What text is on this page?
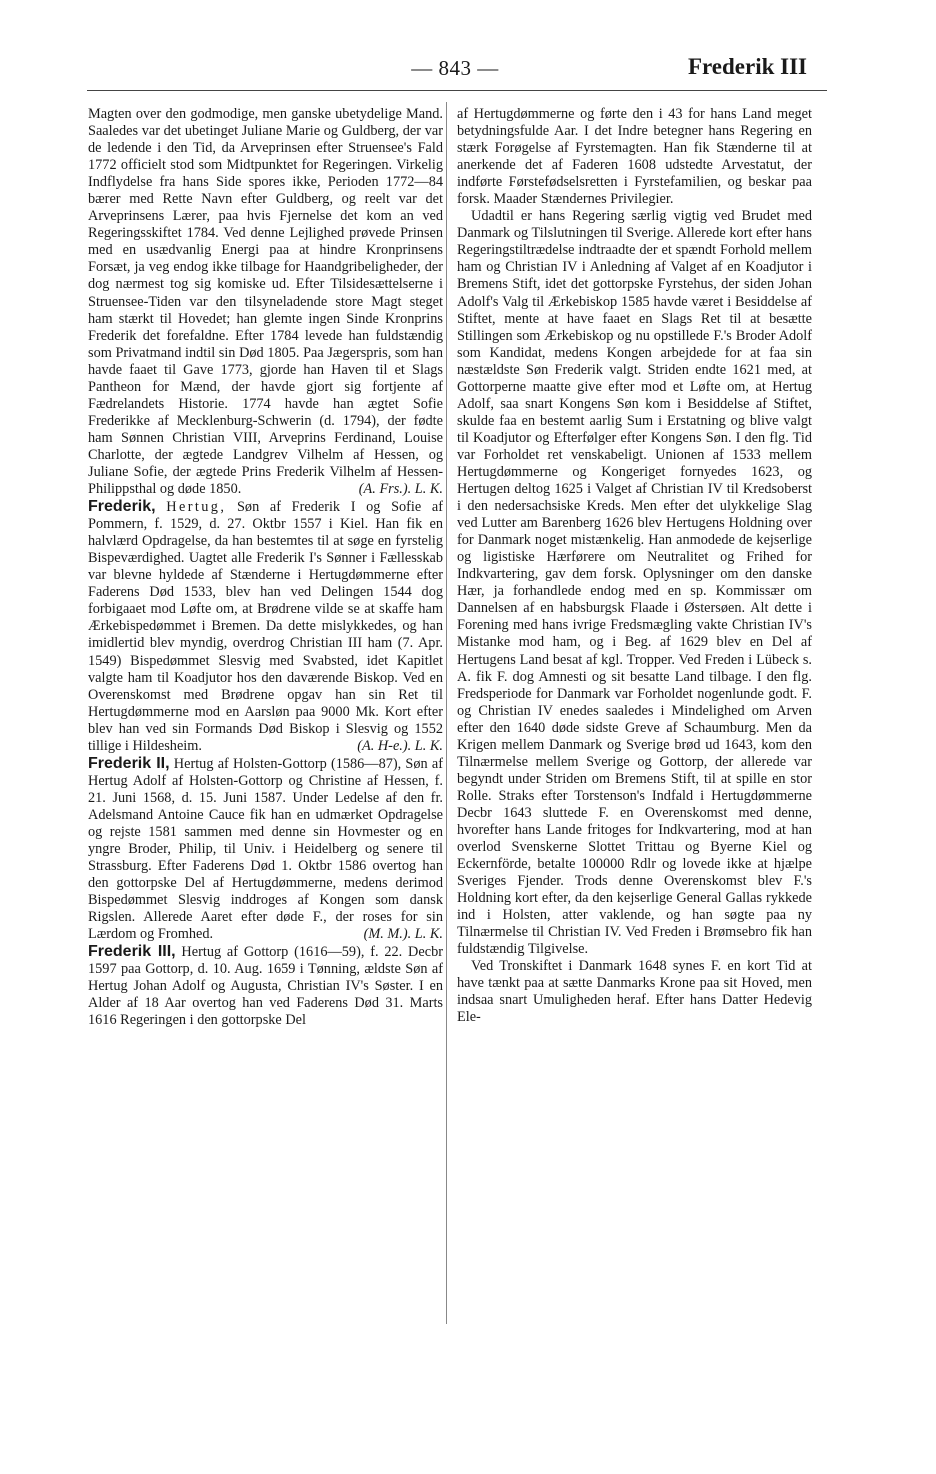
— 843 —	Frederik III

Magten over den godmodige, men ganske ubetydelige Mand. Saaledes var det ubetinget Juliane Marie og Guldberg, der var de ledende i den Tid, da Arveprinsen efter Struensee's Fald 1772 officielt stod som Midtpunktet for Regeringen. Virkelig Indflydelse fra hans Side spores ikke, Perioden 1772—84 bærer med Rette Navn efter Guldberg, og reelt var det Arveprinsens Lærer, paa hvis Fjernelse det kom an ved Regeringsskiftet 1784. Ved denne Lejlighed prøvede Prinsen med en usædvanlig Energi paa at hindre Kronprinsens Forsæt, ja veg endog ikke tilbage for Haandgribeligheder, der dog nærmest tog sig komiske ud. Efter Tilsidesættelserne i Struensee-Tiden var den tilsyneladende store Magt steget ham stærkt til Hovedet; han glemte ingen Sinde Kronprins Frederik det forefaldne. Efter 1784 levede han fuldstændig som Privatmand indtil sin Død 1805. Paa Jægerspris, som han havde faaet til Gave 1773, gjorde han Haven til et Slags Pantheon for Mænd, der havde gjort sig fortjente af Fædrelandets Historie. 1774 havde han ægtet Sofie Frederikke af Mecklenburg-Schwerin (d. 1794), der fødte ham Sønnen Christian VIII, Arveprins Ferdinand, Louise Charlotte, der ægtede Landgrev Vilhelm af Hessen, og Juliane Sofie, der ægtede Prins Frederik Vilhelm af Hessen-Philippsthal og døde 1850.	(A. Frs.). L. K.

Frederik, Hertug, Søn af Frederik I og Sofie af Pommern, f. 1529, d. 27. Oktbr 1557 i Kiel. Han fik en halvlærd Opdragelse, da han bestemtes til at søge en fyrstelig Bispeværdighed. Uagtet alle Frederik I's Sønner i Fællesskab var blevne hyldede af Stænderne i Hertugdømmerne efter Faderens Død 1533, blev han ved Delingen 1544 dog forbigaaet mod Løfte om, at Brødrene vilde se at skaffe ham Ærkebispedømmet i Bremen. Da dette mislykkedes, og han imidlertid blev myndig, overdrog Christian III ham (7. Apr. 1549) Bispedømmet Slesvig med Svabsted, idet Kapitlet valgte ham til Koadjutor hos den daværende Biskop. Ved en Overenskomst med Brødrene opgav han sin Ret til Hertugdømmerne mod en Aarsløn paa 9000 Mk. Kort efter blev han ved sin Formands Død Biskop i Slesvig og 1552 tillige i Hildesheim.	(A. H-e.). L. K.

Frederik II, Hertug af Holsten-Gottorp (1586—87), Søn af Hertug Adolf af Holsten-Gottorp og Christine af Hessen, f. 21. Juni 1568, d. 15. Juni 1587. Under Ledelse af den fr. Adelsmand Antoine Cauce fik han en udmærket Opdragelse og rejste 1581 sammen med denne sin Hovmester og en yngre Broder, Philip, til Univ. i Heidelberg og senere til Strassburg. Efter Faderens Død 1. Oktbr 1586 overtog han den gottorpske Del af Hertugdømmerne, medens derimod Bispedømmet Slesvig inddroges af Kongen som dansk Rigslen. Allerede Aaret efter døde F., der roses for sin Lærdom og Fromhed.	(M. M.). L. K.

Frederik III, Hertug af Gottorp (1616—59), f. 22. Decbr 1597 paa Gottorp, d. 10. Aug. 1659 i Tønning, ældste Søn af Hertug Johan Adolf og Augusta, Christian IV's Søster. I en Alder af 18 Aar overtog han ved Faderens Død 31. Marts 1616 Regeringen i den gottorpske Del

af Hertugdømmerne og førte den i 43 for hans Land meget betydningsfulde Aar. I det Indre betegner hans Regering en stærk Forøgelse af Fyrstemagten. Han fik Stænderne til at anerkende det af Faderen 1608 udstedte Arvestatut, der indførte Førstefødselsretten i Fyrstefamilien, og beskar paa forsk. Maader Stændernes Privilegier.

Udadtil er hans Regering særlig vigtig ved Brudet med Danmark og Tilslutningen til Sverige. Allerede kort efter hans Regeringstiltrædelse indtraadte der et spændt Forhold mellem ham og Christian IV i Anledning af Valget af en Koadjutor i Bremens Stift, idet det gottorpske Fyrstehus, der siden Johan Adolf's Valg til Ærkebiskop 1585 havde været i Besiddelse af Stiftet, mente at have faaet en Slags Ret til at besætte Stillingen som Ærkebiskop og nu opstillede F.'s Broder Adolf som Kandidat, medens Kongen arbejdede for at faa sin næstældste Søn Frederik valgt. Striden endte 1621 med, at Gottorperne maatte give efter mod et Løfte om, at Hertug Adolf, saa snart Kongens Søn kom i Besiddelse af Stiftet, skulde faa en bestemt aarlig Sum i Erstatning og blive valgt til Koadjutor og Efterfølger efter Kongens Søn. I den flg. Tid var Forholdet ret venskabeligt. Unionen af 1533 mellem Hertugdømmerne og Kongeriget fornyedes 1623, og Hertugen deltog 1625 i Valget af Christian IV til Kredsoberst i den nedersachsiske Kreds. Men efter det ulykkelige Slag ved Lutter am Barenberg 1626 blev Hertugens Holdning over for Danmark noget mistænkelig. Han anmodede de kejserlige og ligistiske Hærførere om Neutralitet og Frihed for Indkvartering, gav dem forsk. Oplysninger om den danske Hær, ja forhandlede endog med en sp. Kommissær om Dannelsen af en habsburgsk Flaade i Østersøen. Alt dette i Forening med hans ivrige Fredsmægling vakte Christian IV's Mistanke mod ham, og i Beg. af 1629 blev en Del af Hertugens Land besat af kgl. Tropper. Ved Freden i Lübeck s. A. fik F. dog Amnesti og sit besatte Land tilbage. I den flg. Fredsperiode for Danmark var Forholdet nogenlunde godt. F. og Christian IV enedes saaledes i Mindelighed om Arven efter den 1640 døde sidste Greve af Schaumburg. Men da Krigen mellem Danmark og Sverige brød ud 1643, kom den Tilnærmelse mellem Sverige og Gottorp, der allerede var begyndt under Striden om Bremens Stift, til at spille en stor Rolle. Straks efter Torstenson's Indfald i Hertugdømmerne Decbr 1643 sluttede F. en Overenskomst med denne, hvorefter hans Lande fritoges for Indkvartering, mod at han overlod Svenskerne Slottet Trittau og Byerne Kiel og Eckernförde, betalte 100000 Rdlr og lovede ikke at hjælpe Sveriges Fjender. Trods denne Overenskomst blev F.'s Holdning kort efter, da den kejserlige General Gallas rykkede ind i Holsten, atter vaklende, og han søgte paa ny Tilnærmelse til Christian IV. Ved Freden i Brømsebro fik han fuldstændig Tilgivelse.

Ved Tronskiftet i Danmark 1648 synes F. en kort Tid at have tænkt paa at sætte Danmarks Krone paa sit Hoved, men indsaa snart Umuligheden heraf. Efter hans Datter Hedevig Ele-
